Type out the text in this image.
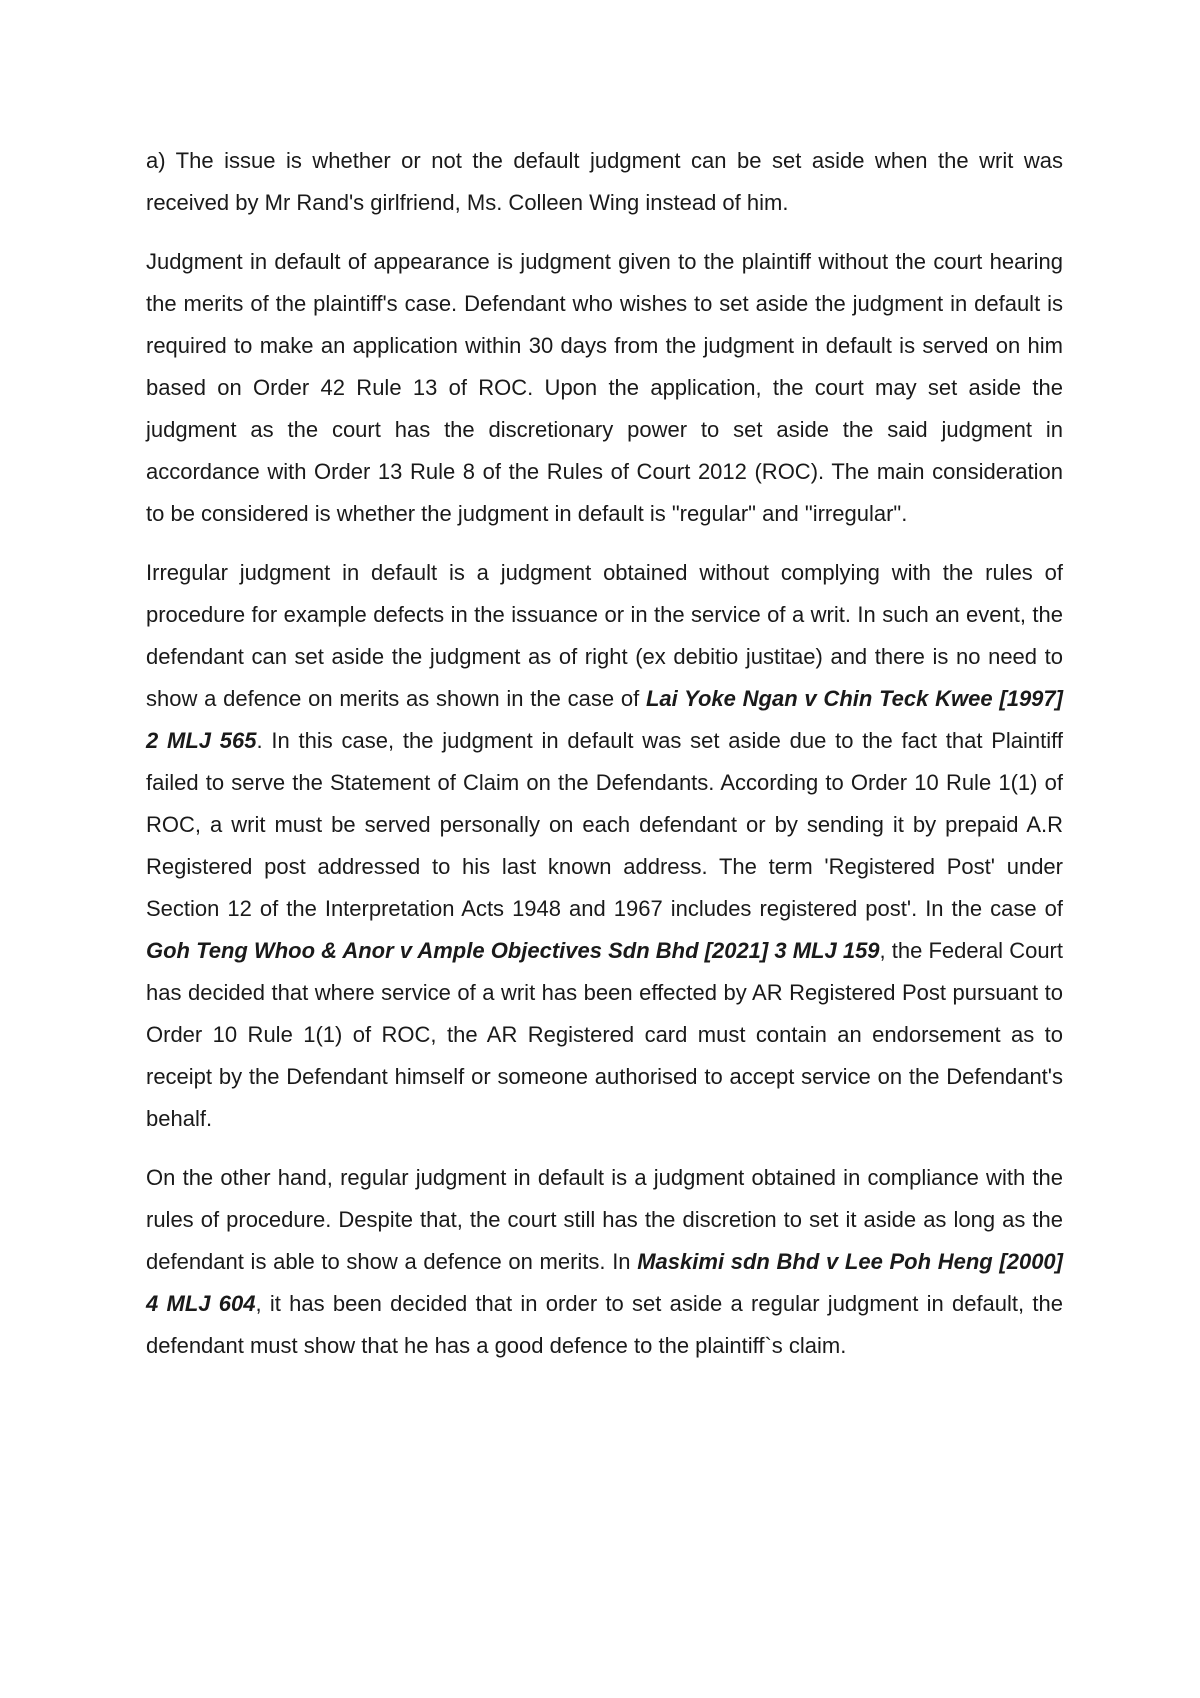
a) The issue is whether or not the default judgment can be set aside when the writ was received by Mr Rand's girlfriend, Ms. Colleen Wing instead of him.

Judgment in default of appearance is judgment given to the plaintiff without the court hearing the merits of the plaintiff's case. Defendant who wishes to set aside the judgment in default is required to make an application within 30 days from the judgment in default is served on him based on Order 42 Rule 13 of ROC. Upon the application, the court may set aside the judgment as the court has the discretionary power to set aside the said judgment in accordance with Order 13 Rule 8 of the Rules of Court 2012 (ROC). The main consideration to be considered is whether the judgment in default is "regular" and "irregular".

Irregular judgment in default is a judgment obtained without complying with the rules of procedure for example defects in the issuance or in the service of a writ. In such an event, the defendant can set aside the judgment as of right (ex debitio justitae) and there is no need to show a defence on merits as shown in the case of Lai Yoke Ngan v Chin Teck Kwee [1997] 2 MLJ 565. In this case, the judgment in default was set aside due to the fact that Plaintiff failed to serve the Statement of Claim on the Defendants. According to Order 10 Rule 1(1) of ROC, a writ must be served personally on each defendant or by sending it by prepaid A.R Registered post addressed to his last known address. The term 'Registered Post' under Section 12 of the Interpretation Acts 1948 and 1967 includes registered post'. In the case of Goh Teng Whoo & Anor v Ample Objectives Sdn Bhd [2021] 3 MLJ 159, the Federal Court has decided that where service of a writ has been effected by AR Registered Post pursuant to Order 10 Rule 1(1) of ROC, the AR Registered card must contain an endorsement as to receipt by the Defendant himself or someone authorised to accept service on the Defendant's behalf.

On the other hand, regular judgment in default is a judgment obtained in compliance with the rules of procedure. Despite that, the court still has the discretion to set it aside as long as the defendant is able to show a defence on merits. In Maskimi sdn Bhd v Lee Poh Heng [2000] 4 MLJ 604, it has been decided that in order to set aside a regular judgment in default, the defendant must show that he has a good defence to the plaintiff`s claim.
